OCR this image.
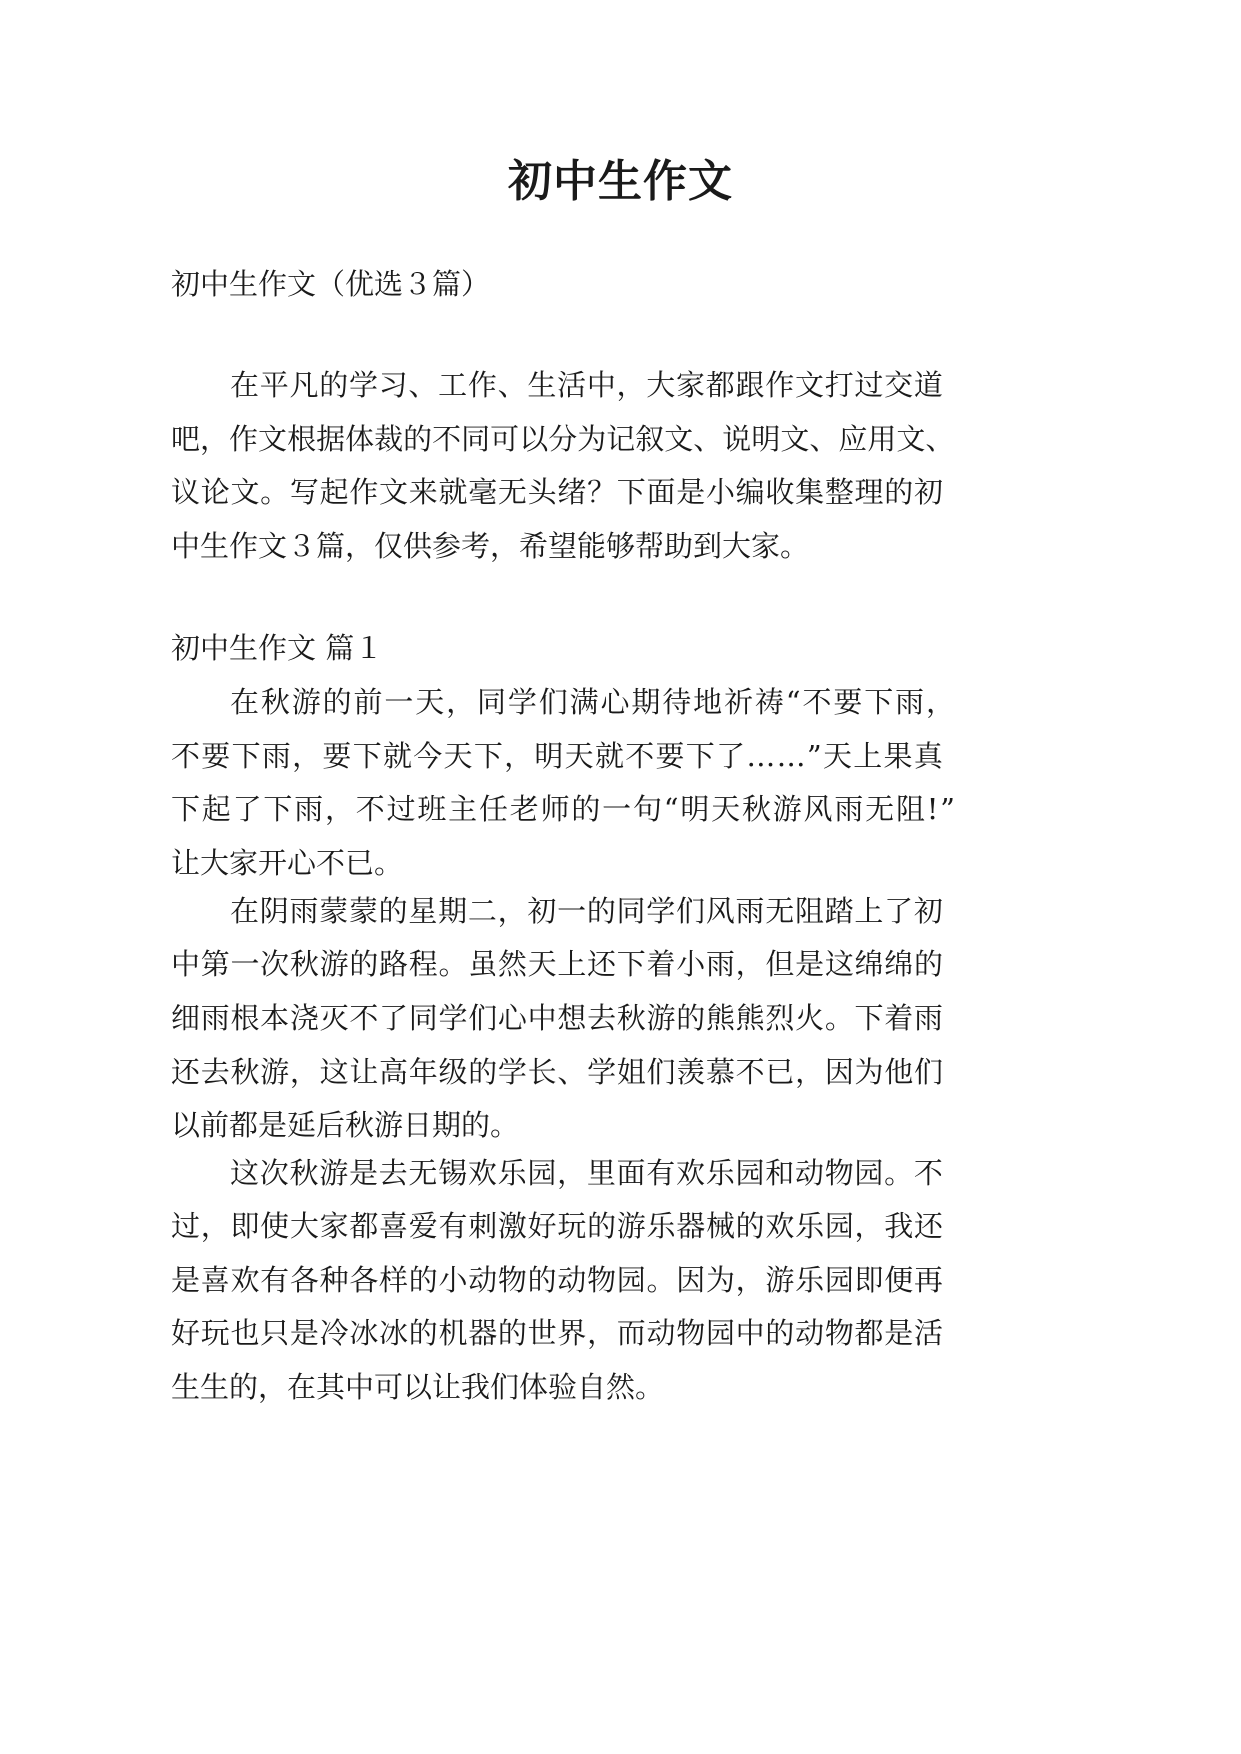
初中生作文
初中生作文（优选３篇）
在 平 凡 的 学 习 、 工 作 、 生 活 中 ， 大 家 都 跟 作 文 打 过 交 道
吧 ， 作 文 根 据 体 裁 的 不 同 可 以 分 为 记 叙 文 、 说 明 文 、 应 用 文 、
议 论 文 。 写 起 作 文 来 就 毫 无 头 绪 ？ 下 面 是 小 编 收 集 整 理 的 初
中生作文３篇，仅供参考，希望能够帮助到大家。
初中生作文 篇１
在 秋 游 的 前 一 天 ， 同 学 们 满 心 期 待 地 祈 祷 “ 不 要 下 雨 ，
不 要 下 雨 ， 要 下 就 今 天 下 ， 明 天 就 不 要 下 了 … … ” 天 上 果 真
下 起 了 下 雨 ， 不 过 班 主 任 老 师 的 一 句 “ 明 天 秋 游 风 雨 无 阻 ! ”
让大家开心不已。
在 阴 雨 蒙 蒙 的 星 期 二 ， 初 一 的 同 学 们 风 雨 无 阻 踏 上 了 初
中 第 一 次 秋 游 的 路 程 。 虽 然 天 上 还 下 着 小 雨 ， 但 是 这 绵 绵 的
细 雨 根 本 浇 灭 不 了 同 学 们 心 中 想 去 秋 游 的 熊 熊 烈 火 。 下 着 雨
还 去 秋 游 ， 这 让 高 年 级 的 学 长 、 学 姐 们 羡 慕 不 已 ， 因 为 他 们
以前都是延后秋游日期的。
这 次 秋 游 是 去 无 锡 欢 乐 园 ， 里 面 有 欢 乐 园 和 动 物 园 。 不
过 ， 即 使 大 家 都 喜 爱 有 刺 激 好 玩 的 游 乐 器 械 的 欢 乐 园 ， 我 还
是 喜 欢 有 各 种 各 样 的 小 动 物 的 动 物 园 。 因 为 ， 游 乐 园 即 便 再
好 玩 也 只 是 冷 冰 冰 的 机 器 的 世 界 ， 而 动 物 园 中 的 动 物 都 是 活
生生的，在其中可以让我们体验自然。
